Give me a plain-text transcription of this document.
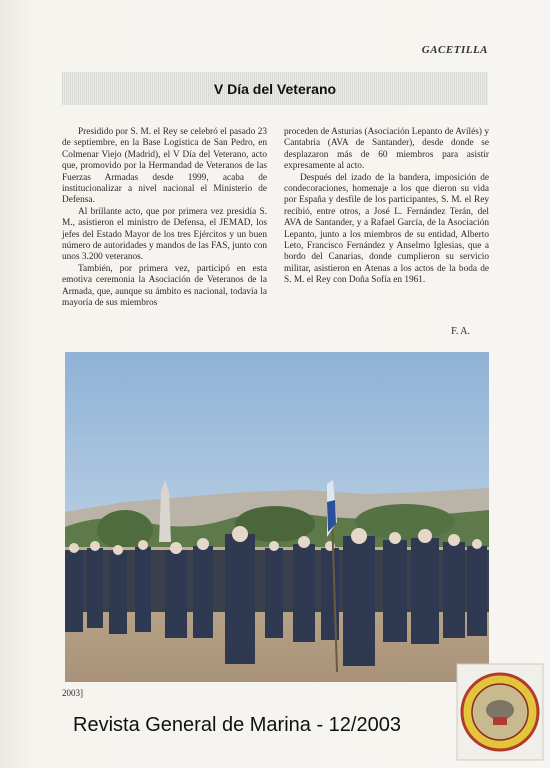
GACETILLA
V Día del Veterano

Presidido por S. M. el Rey se celebró el pasado 23 de septiembre, en la Base Logística de San Pedro, en Colmenar Viejo (Madrid), el V Día del Veterano, acto que, promovido por la Hermandad de Veteranos de las Fuerzas Armadas desde 1999, acaba de institucionalizar a nivel nacional el Ministerio de Defensa.

Al brillante acto, que por primera vez presidía S. M., asistieron el ministro de Defensa, el JEMAD, los jefes del Estado Mayor de los tres Ejércitos y un buen número de autoridades y mandos de las FAS, junto con unos 3.200 veteranos.

También, por primera vez, participó en esta emotiva ceremonia la Asociación de Veteranos de la Armada, que, aunque su ámbito es nacional, todavía la mayoría de sus miembros

proceden de Asturias (Asociación Lepanto de Avilés) y Cantabria (AVA de Santander), desde donde se desplazaron más de 60 miembros para asistir expresamente al acto.

Después del izado de la bandera, imposición de condecoraciones, homenaje a los que dieron su vida por España y desfile de los participantes, S. M. el Rey recibió, entre otros, a José L. Fernández Terán, del AVA de Santander, y a Rafael García, de la Asociación Lepanto, junto a los miembros de su entidad, Alberto Leto, Francisco Fernández y Anselmo Iglesias, que a bordo del Canarias, donde cumplieron su servicio militar, asistieron en Atenas a los actos de la boda de S. M. el Rey con Doña Sofía en 1961.

F. A.
2003]
Revista General de Marina - 12/2003
